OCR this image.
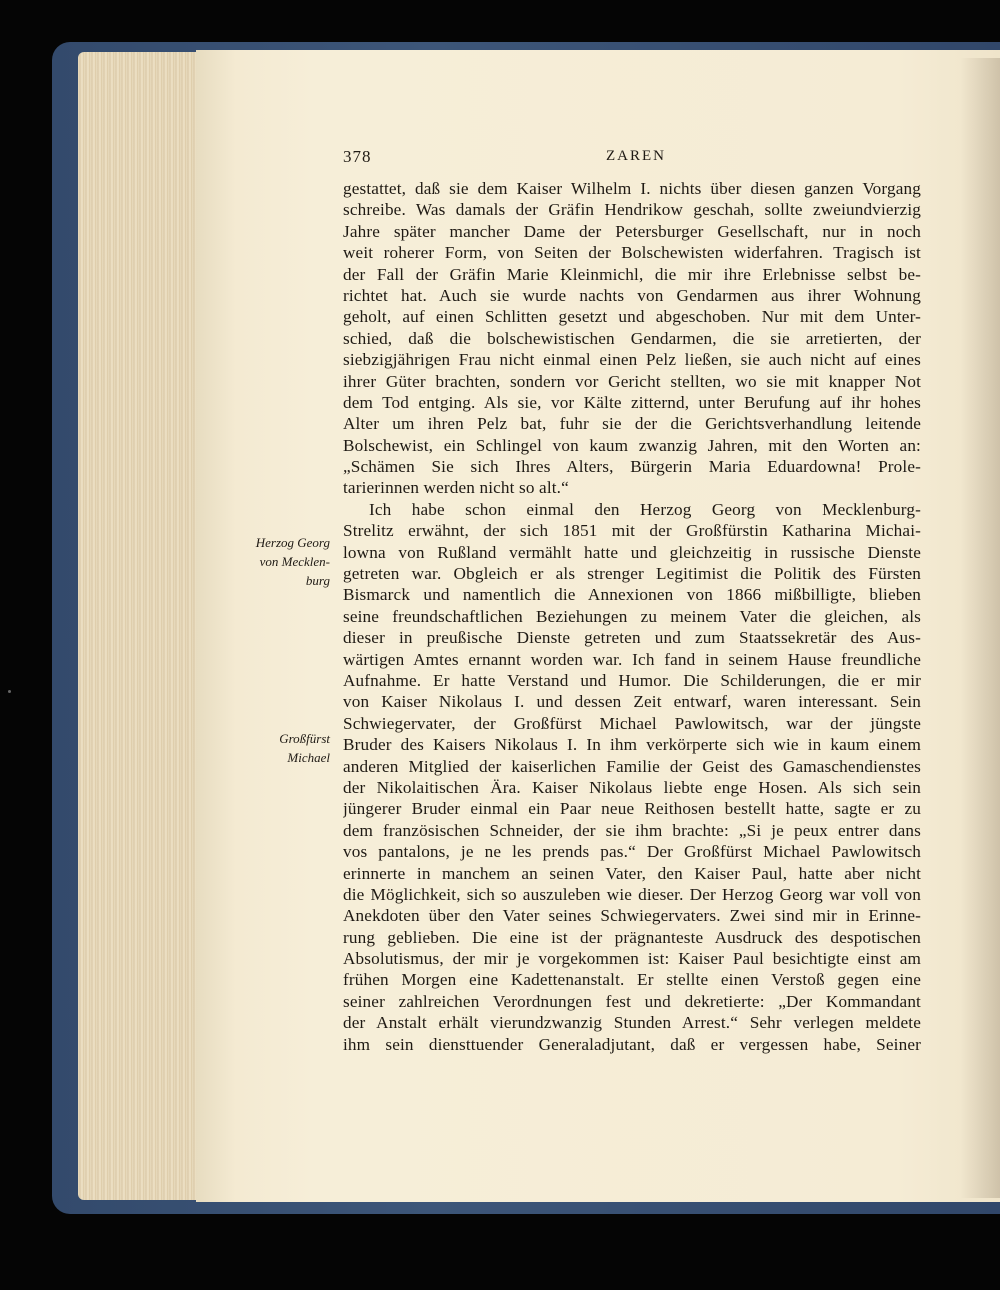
378	ZAREN
Herzog Georg
von Mecklen-
burg
Großfürst
Michael
gestattet, daß sie dem Kaiser Wilhelm I. nichts über diesen ganzen Vorgang
schreibe. Was damals der Gräfin Hendrikow geschah, sollte zweiundvierzig
Jahre später mancher Dame der Petersburger Gesellschaft, nur in noch
weit roherer Form, von Seiten der Bolschewisten widerfahren. Tragisch ist
der Fall der Gräfin Marie Kleinmichl, die mir ihre Erlebnisse selbst be-
richtet hat. Auch sie wurde nachts von Gendarmen aus ihrer Wohnung
geholt, auf einen Schlitten gesetzt und abgeschoben. Nur mit dem Unter-
schied, daß die bolschewistischen Gendarmen, die sie arretierten, der
siebzigjährigen Frau nicht einmal einen Pelz ließen, sie auch nicht auf eines
ihrer Güter brachten, sondern vor Gericht stellten, wo sie mit knapper Not
dem Tod entging. Als sie, vor Kälte zitternd, unter Berufung auf ihr hohes
Alter um ihren Pelz bat, fuhr sie der die Gerichtsverhandlung leitende
Bolschewist, ein Schlingel von kaum zwanzig Jahren, mit den Worten an:
„Schämen Sie sich Ihres Alters, Bürgerin Maria Eduardowna! Prole-
tarierinnen werden nicht so alt.“
Ich habe schon einmal den Herzog Georg von Mecklenburg-
Strelitz erwähnt, der sich 1851 mit der Großfürstin Katharina Michai-
lowna von Rußland vermählt hatte und gleichzeitig in russische Dienste
getreten war. Obgleich er als strenger Legitimist die Politik des Fürsten
Bismarck und namentlich die Annexionen von 1866 mißbilligte, blieben
seine freundschaftlichen Beziehungen zu meinem Vater die gleichen, als
dieser in preußische Dienste getreten und zum Staatssekretär des Aus-
wärtigen Amtes ernannt worden war. Ich fand in seinem Hause freundliche
Aufnahme. Er hatte Verstand und Humor. Die Schilderungen, die er mir
von Kaiser Nikolaus I. und dessen Zeit entwarf, waren interessant. Sein
Schwiegervater, der Großfürst Michael Pawlowitsch, war der jüngste
Bruder des Kaisers Nikolaus I. In ihm verkörperte sich wie in kaum einem
anderen Mitglied der kaiserlichen Familie der Geist des Gamaschendienstes
der Nikolaitischen Ära. Kaiser Nikolaus liebte enge Hosen. Als sich sein
jüngerer Bruder einmal ein Paar neue Reithosen bestellt hatte, sagte er zu
dem französischen Schneider, der sie ihm brachte: „Si je peux entrer dans
vos pantalons, je ne les prends pas.“ Der Großfürst Michael Pawlowitsch
erinnerte in manchem an seinen Vater, den Kaiser Paul, hatte aber nicht
die Möglichkeit, sich so auszuleben wie dieser. Der Herzog Georg war voll von
Anekdoten über den Vater seines Schwiegervaters. Zwei sind mir in Erinne-
rung geblieben. Die eine ist der prägnanteste Ausdruck des despotischen
Absolutismus, der mir je vorgekommen ist: Kaiser Paul besichtigte einst am
frühen Morgen eine Kadettenanstalt. Er stellte einen Verstoß gegen eine
seiner zahlreichen Verordnungen fest und dekretierte: „Der Kommandant
der Anstalt erhält vierundzwanzig Stunden Arrest.“ Sehr verlegen meldete
ihm sein diensttuender Generaladjutant, daß er vergessen habe, Seiner
